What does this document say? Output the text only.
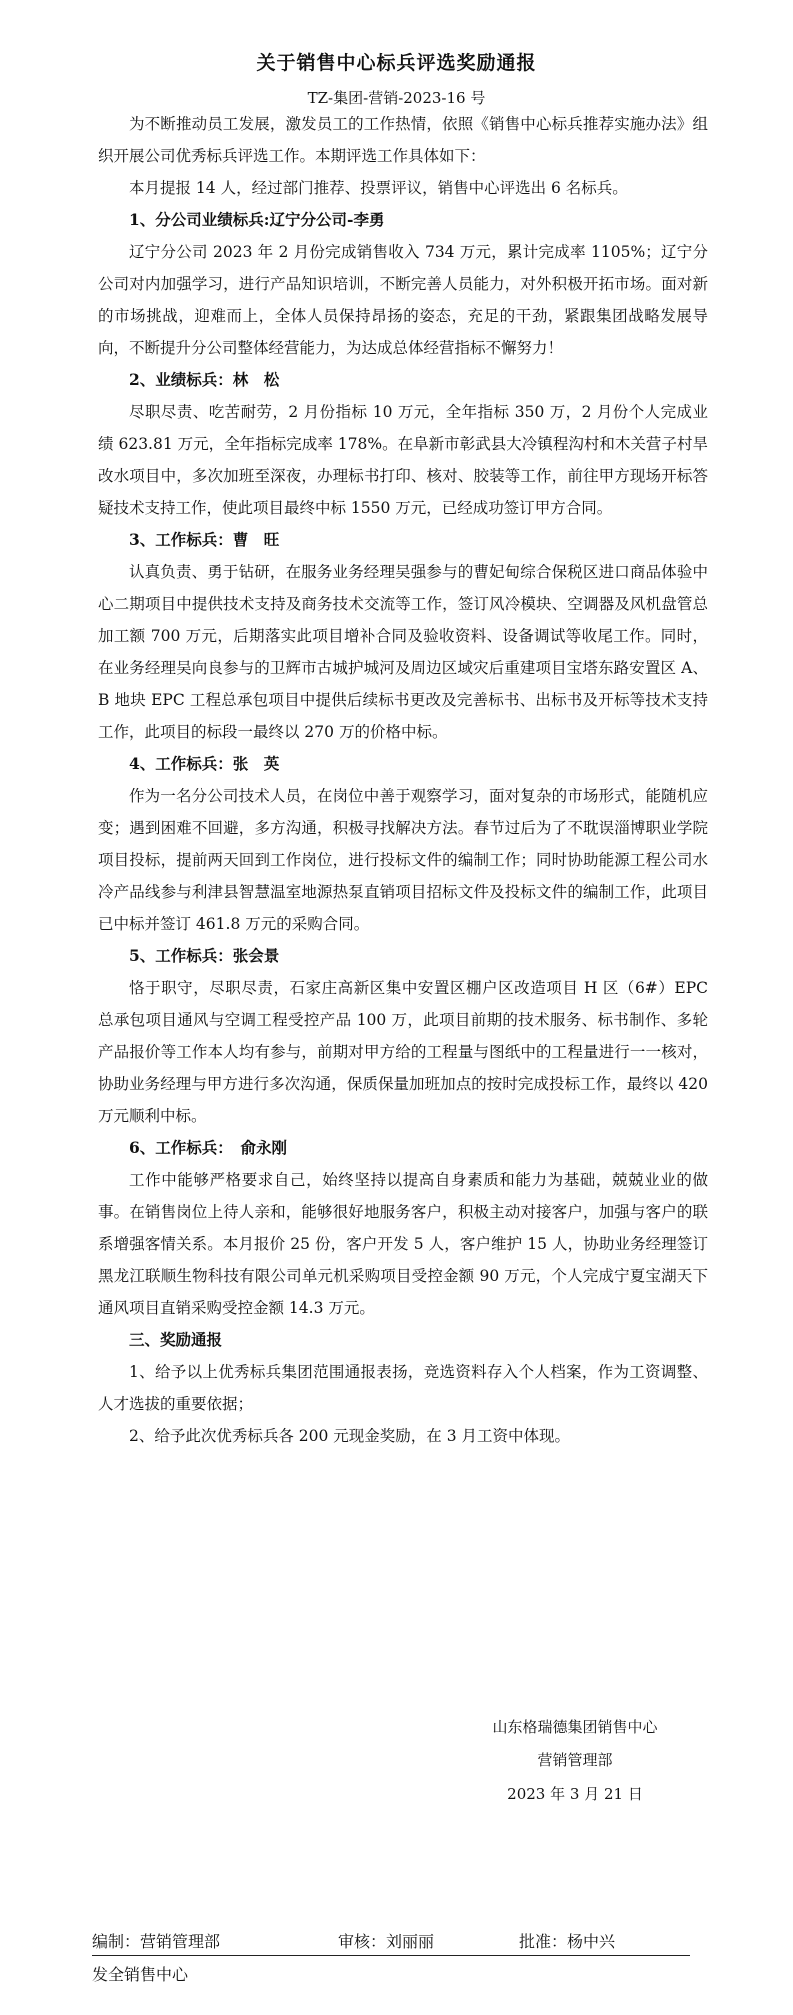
关于销售中心标兵评选奖励通报
TZ-集团-营销-2023-16 号

为不断推动员工发展，激发员工的工作热情，依照《销售中心标兵推荐实施办法》组织开展公司优秀标兵评选工作。本期评选工作具体如下：

本月提报 14 人，经过部门推荐、投票评议，销售中心评选出 6 名标兵。

1、分公司业绩标兵:辽宁分公司-李勇

辽宁分公司 2023 年 2 月份完成销售收入 734 万元，累计完成率 1105%；辽宁分公司对内加强学习，进行产品知识培训，不断完善人员能力，对外积极开拓市场。面对新的市场挑战，迎难而上，全体人员保持昂扬的姿态，充足的干劲，紧跟集团战略发展导向，不断提升分公司整体经营能力，为达成总体经营指标不懈努力！

2、业绩标兵：林　松

尽职尽责、吃苦耐劳，2 月份指标 10 万元，全年指标 350 万，2 月份个人完成业绩 623.81 万元，全年指标完成率 178%。在阜新市彰武县大冷镇程沟村和木关营子村旱改水项目中，多次加班至深夜，办理标书打印、核对、胶装等工作，前往甲方现场开标答疑技术支持工作，使此项目最终中标 1550 万元，已经成功签订甲方合同。

3、工作标兵：曹　旺

认真负责、勇于钻研，在服务业务经理吴强参与的曹妃甸综合保税区进口商品体验中心二期项目中提供技术支持及商务技术交流等工作，签订风冷模块、空调器及风机盘管总加工额 700 万元，后期落实此项目增补合同及验收资料、设备调试等收尾工作。同时，在业务经理吴向良参与的卫辉市古城护城河及周边区域灾后重建项目宝塔东路安置区 A、B 地块 EPC 工程总承包项目中提供后续标书更改及完善标书、出标书及开标等技术支持工作，此项目的标段一最终以 270 万的价格中标。

4、工作标兵：张　英

作为一名分公司技术人员，在岗位中善于观察学习，面对复杂的市场形式，能随机应变；遇到困难不回避，多方沟通，积极寻找解决方法。春节过后为了不耽误淄博职业学院项目投标，提前两天回到工作岗位，进行投标文件的编制工作；同时协助能源工程公司水冷产品线参与利津县智慧温室地源热泵直销项目招标文件及投标文件的编制工作，此项目已中标并签订 461.8 万元的采购合同。

5、工作标兵：张会景

恪于职守，尽职尽责，石家庄高新区集中安置区棚户区改造项目 H 区（6#）EPC 总承包项目通风与空调工程受控产品 100 万，此项目前期的技术服务、标书制作、多轮产品报价等工作本人均有参与，前期对甲方给的工程量与图纸中的工程量进行一一核对，协助业务经理与甲方进行多次沟通，保质保量加班加点的按时完成投标工作，最终以 420 万元顺利中标。

6、工作标兵：　俞永刚

工作中能够严格要求自己，始终坚持以提高自身素质和能力为基础，兢兢业业的做事。在销售岗位上待人亲和，能够很好地服务客户，积极主动对接客户，加强与客户的联系增强客情关系。本月报价 25 份，客户开发 5 人，客户维护 15 人，协助业务经理签订黑龙江联顺生物科技有限公司单元机采购项目受控金额 90 万元，个人完成宁夏宝湖天下通风项目直销采购受控金额 14.3 万元。

三、奖励通报

1、给予以上优秀标兵集团范围通报表扬，竞选资料存入个人档案，作为工资调整、人才选拔的重要依据；

2、给予此次优秀标兵各 200 元现金奖励，在 3 月工资中体现。

山东格瑞德集团销售中心
营销管理部
2023 年 3 月 21 日
编制：营销管理部	审核：刘丽丽	批准：杨中兴
发全销售中心
